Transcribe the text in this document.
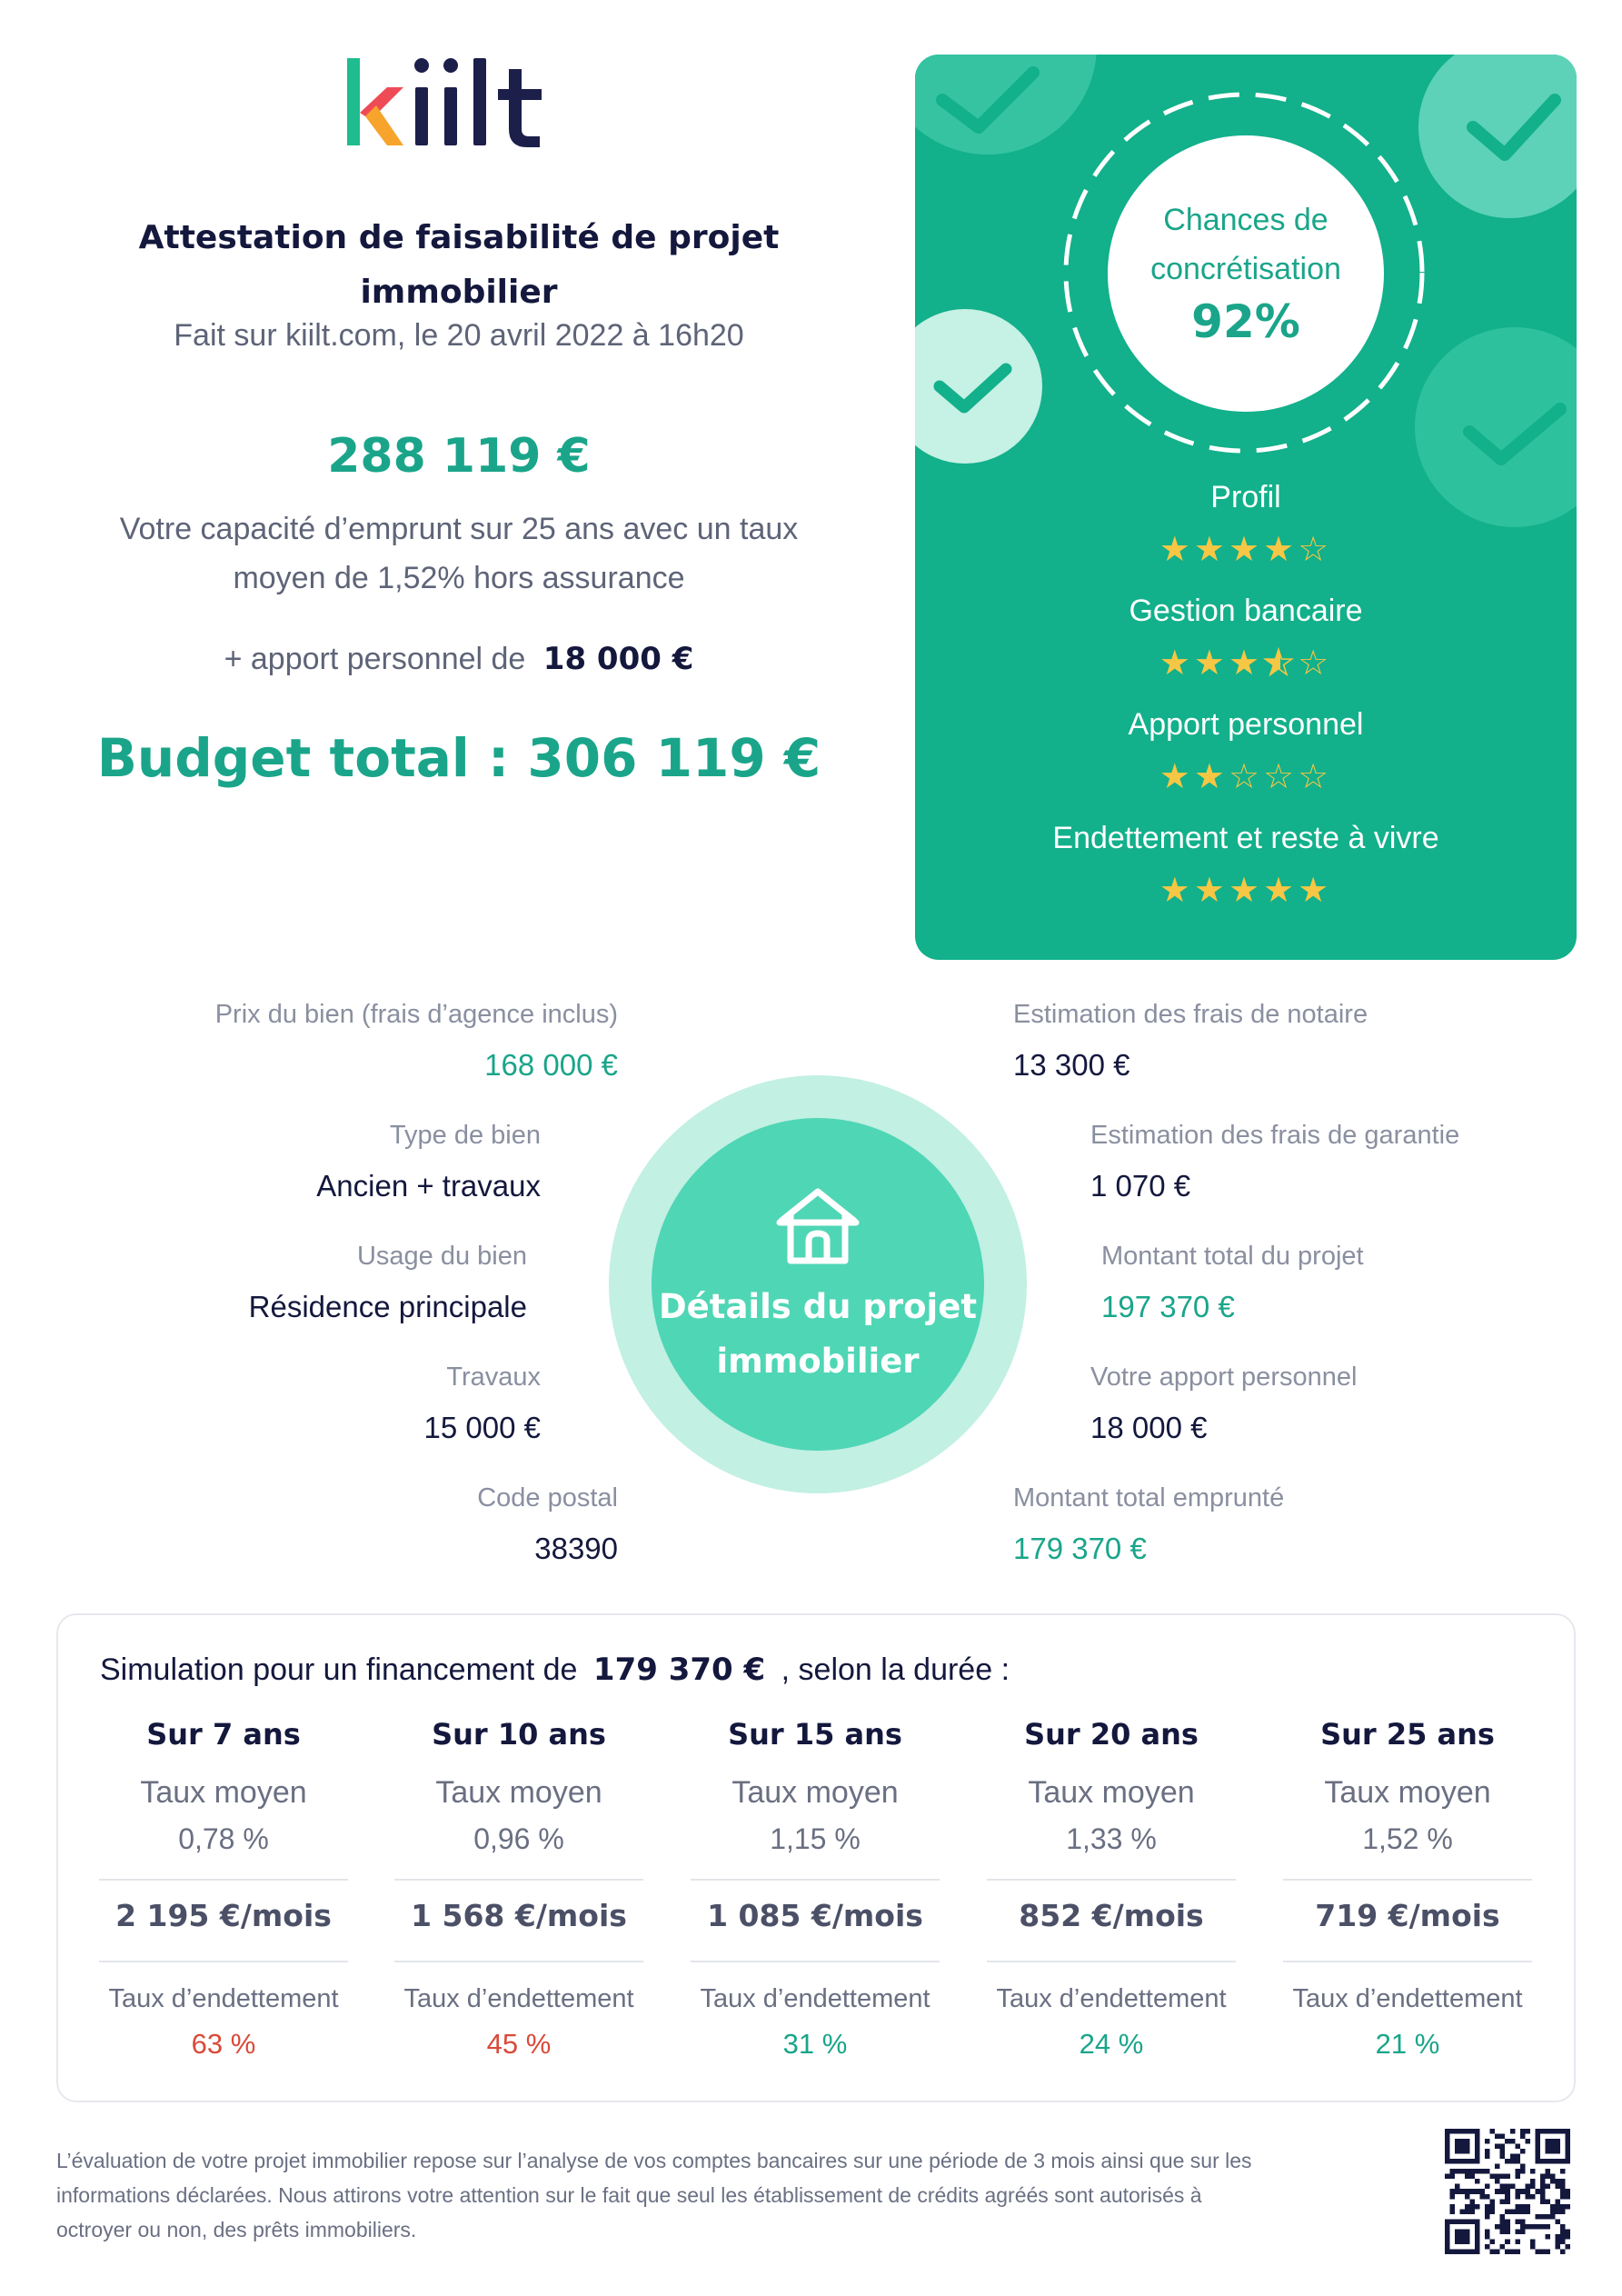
Attestation de faisabilité de projet
immobilier
Fait sur kiilt.com, le 20 avril 2022 à 16h20
288 119 €
Votre capacité d’emprunt sur 25 ans avec un taux
moyen de 1,52% hors assurance
+ apport personnel de 18 000 €
Budget total : 306 119 €
Chances de
concrétisation
92%
Profil
★★★★☆
Gestion bancaire
★★★★☆
Apport personnel
★★☆☆☆
Endettement et reste à vivre
★★★★★
Détails du projet
immobilier
Prix du bien (frais d’agence inclus)
168 000 €
Type de bien
Ancien + travaux
Usage du bien
Résidence principale
Travaux
15 000 €
Code postal
38390
Estimation des frais de notaire
13 300 €
Estimation des frais de garantie
1 070 €
Montant total du projet
197 370 €
Votre apport personnel
18 000 €
Montant total emprunté
179 370 €
Simulation pour un financement de 179 370 € , selon la durée :
Sur 7 ans
Taux moyen
0,78 %
2 195 €/mois
Taux d’endettement
63 %
Sur 10 ans
Taux moyen
0,96 %
1 568 €/mois
Taux d’endettement
45 %
Sur 15 ans
Taux moyen
1,15 %
1 085 €/mois
Taux d’endettement
31 %
Sur 20 ans
Taux moyen
1,33 %
852 €/mois
Taux d’endettement
24 %
Sur 25 ans
Taux moyen
1,52 %
719 €/mois
Taux d’endettement
21 %
L’évaluation de votre projet immobilier repose sur l’analyse de vos comptes bancaires sur une période de 3 mois ainsi que sur les
informations déclarées. Nous attirons votre attention sur le fait que seul les établissement de crédits agréés sont autorisés à
octroyer ou non, des prêts immobiliers.
